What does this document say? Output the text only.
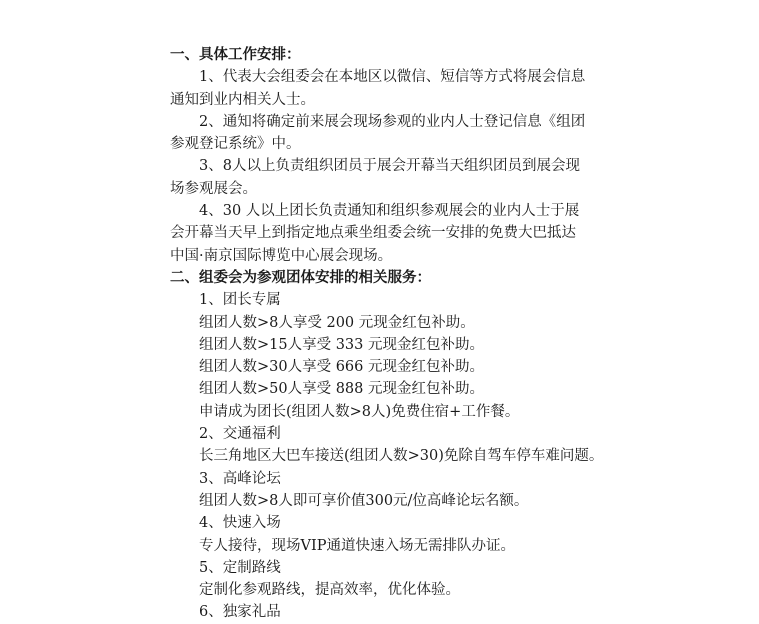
一、具体工作安排：
1、代表大会组委会在本地区以微信、短信等方式将展会信息
通知到业内相关人士。
2、通知将确定前来展会现场参观的业内人士登记信息《组团
参观登记系统》中。
3、8人以上负责组织团员于展会开幕当天组织团员到展会现
场参观展会。
4、30 人以上团长负责通知和组织参观展会的业内人士于展
会开幕当天早上到指定地点乘坐组委会统一安排的免费大巴抵达
中国·南京国际博览中心展会现场。
二、组委会为参观团体安排的相关服务：
1、团长专属
组团人数>8人享受 200 元现金红包补助。
组团人数>15人享受 333 元现金红包补助。
组团人数>30人享受 666 元现金红包补助。
组团人数>50人享受 888 元现金红包补助。
申请成为团长(组团人数>8人)免费住宿+工作餐。
2、交通福利
长三角地区大巴车接送(组团人数>30)免除自驾车停车难问题。
3、高峰论坛
组团人数>8人即可享价值300元/位高峰论坛名额。
4、快速入场
专人接待，现场VIP通道快速入场无需排队办证。
5、定制路线
定制化参观路线，提高效率，优化体验。
6、独家礼品
